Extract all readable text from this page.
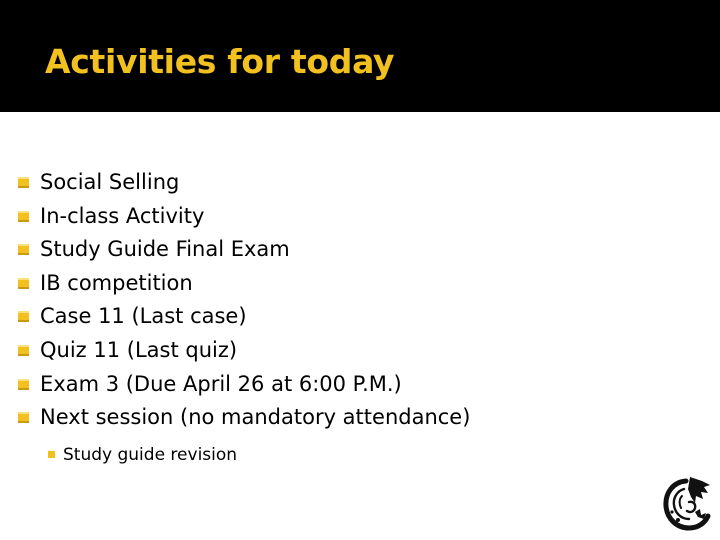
Activities for today
Social Selling
In-class Activity
Study Guide Final Exam
IB competition
Case 11 (Last case)
Quiz 11 (Last quiz)
Exam 3 (Due April 26 at 6:00 P.M.)
Next session (no mandatory attendance)
Study guide revision
